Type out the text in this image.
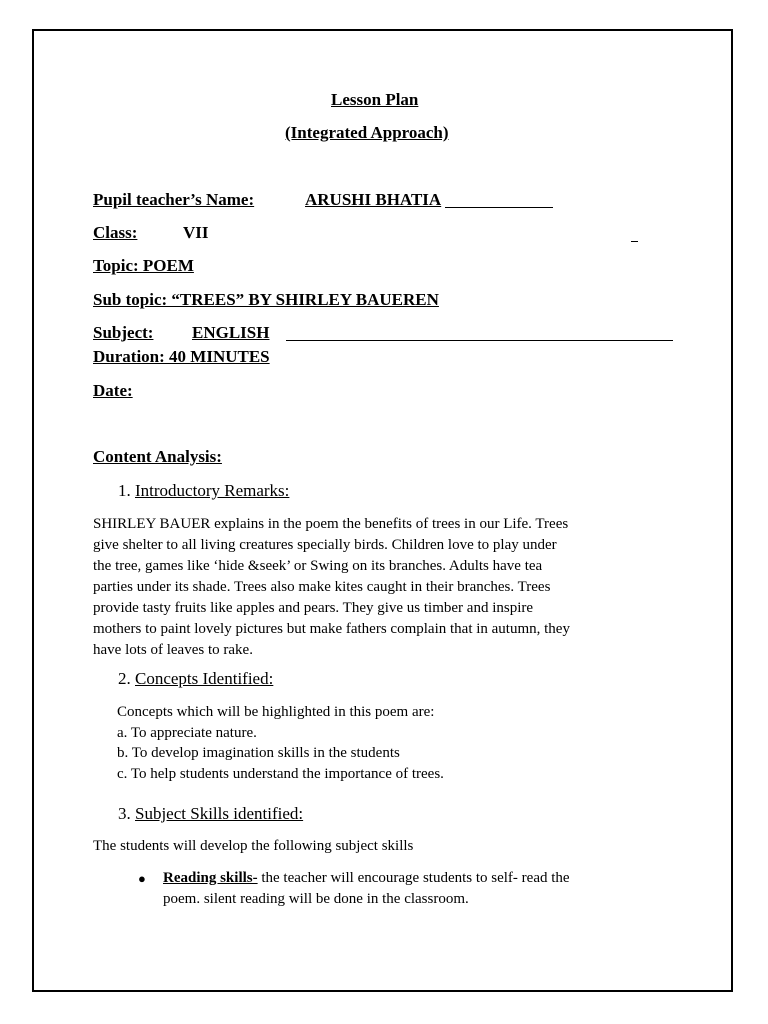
Lesson Plan
(Integrated Approach)
Pupil teacher’s Name:	ARUSHI BHATIA
Class:	VII
Topic: POEM
Sub topic: “TREES” BY SHIRLEY BAUEREN
Subject: ENGLISH
Duration: 40 MINUTES
Date:
Content Analysis:
1. Introductory Remarks:
SHIRLEY BAUER explains in the poem the benefits of trees in our Life. Trees
give shelter to all living creatures specially birds. Children love to play under
the tree, games like ‘hide &seek’ or Swing on its branches. Adults have tea
parties under its shade. Trees also make kites caught in their branches. Trees
provide tasty fruits like apples and pears. They give us timber and inspire
mothers to paint lovely pictures but make fathers complain that in autumn, they
have lots of leaves to rake.
2. Concepts Identified:
Concepts which will be highlighted in this poem are:
a. To appreciate nature.
b. To develop imagination skills in the students
c. To help students understand the importance of trees.
3. Subject Skills identified:
The students will develop the following subject skills
● Reading skills- the teacher will encourage students to self- read the
poem. silent reading will be done in the classroom.
